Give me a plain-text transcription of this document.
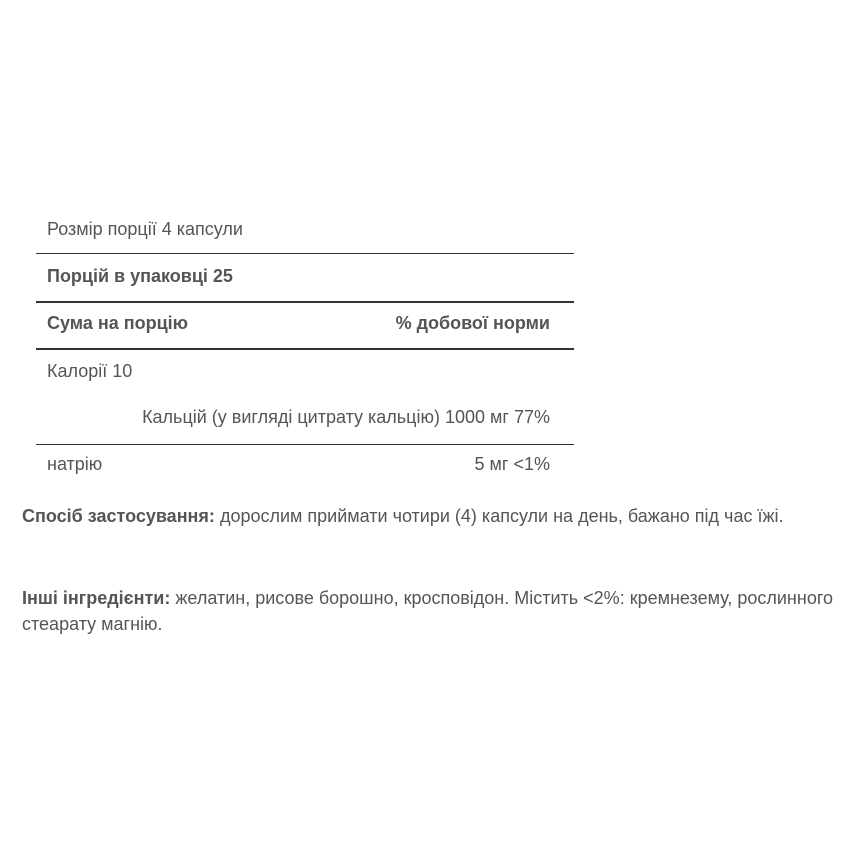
Розмір порції 4 капсули
Порцій в упаковці 25
Сума на порцію	% добової норми
Калорії 10
Кальцій (у вигляді цитрату кальцію) 1000 мг 77%
натрію	5 мг <1%
Спосіб застосування: дорослим приймати чотири (4) капсули на день, бажано під час їжі.
Інші інгредієнти: желатин, рисове борошно, кросповідон. Містить <2%: кремнезему, рослинного стеарату магнію.
